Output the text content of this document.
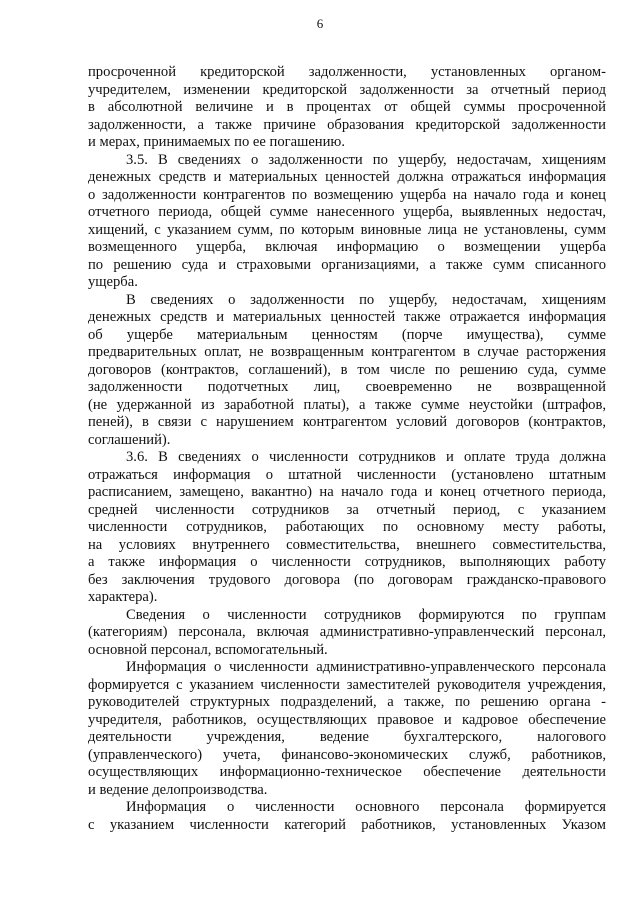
6
просроченной кредиторской задолженности, установленных органом-
учредителем, изменении кредиторской задолженности за отчетный период
в абсолютной величине и в процентах от общей суммы просроченной
задолженности, а также причине образования кредиторской задолженности
и мерах, принимаемых по ее погашению.
3.5. В сведениях о задолженности по ущербу, недостачам, хищениям
денежных средств и материальных ценностей должна отражаться информация
о задолженности контрагентов по возмещению ущерба на начало года и конец
отчетного периода, общей сумме нанесенного ущерба, выявленных недостач,
хищений, с указанием сумм, по которым виновные лица не установлены, сумм
возмещенного ущерба, включая информацию о возмещении ущерба
по решению суда и страховыми организациями, а также сумм списанного
ущерба.
В сведениях о задолженности по ущербу, недостачам, хищениям
денежных средств и материальных ценностей также отражается информация
об ущербе материальным ценностям (порче имущества), сумме
предварительных оплат, не возвращенным контрагентом в случае расторжения
договоров (контрактов, соглашений), в том числе по решению суда, сумме
задолженности подотчетных лиц, своевременно не возвращенной
(не удержанной из заработной платы), а также сумме неустойки (штрафов,
пеней), в связи с нарушением контрагентом условий договоров (контрактов,
соглашений).
3.6. В сведениях о численности сотрудников и оплате труда должна
отражаться информация о штатной численности (установлено штатным
расписанием, замещено, вакантно) на начало года и конец отчетного периода,
средней численности сотрудников за отчетный период, с указанием
численности сотрудников, работающих по основному месту работы,
на условиях внутреннего совместительства, внешнего совместительства,
а также информация о численности сотрудников, выполняющих работу
без заключения трудового договора (по договорам гражданско-правового
характера).
Сведения о численности сотрудников формируются по группам
(категориям) персонала, включая административно-управленческий персонал,
основной персонал, вспомогательный.
Информация о численности административно-управленческого персонала
формируется с указанием численности заместителей руководителя учреждения,
руководителей структурных подразделений, а также, по решению органа -
учредителя, работников, осуществляющих правовое и кадровое обеспечение
деятельности учреждения, ведение бухгалтерского, налогового
(управленческого) учета, финансово-экономических служб, работников,
осуществляющих информационно-техническое обеспечение деятельности
и ведение делопроизводства.
Информация о численности основного персонала формируется
с указанием численности категорий работников, установленных Указом
